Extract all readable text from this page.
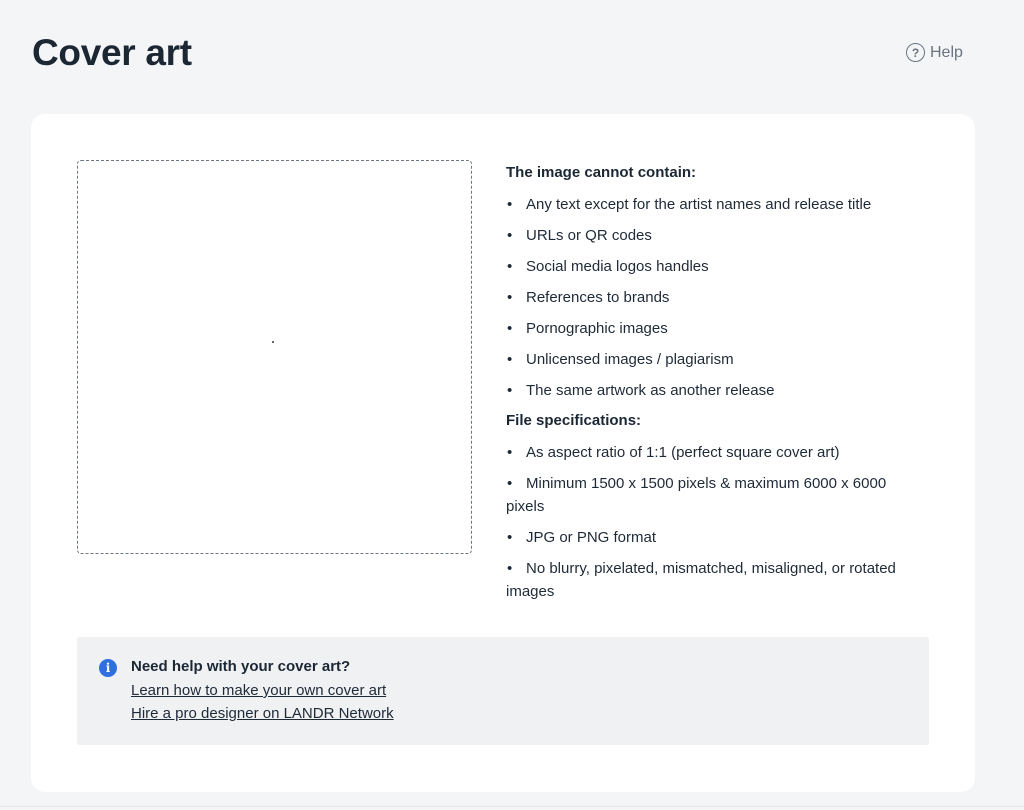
Cover art	? Help
The image cannot contain:
• Any text except for the artist names and release title
• URLs or QR codes
• Social media logos handles
• References to brands
• Pornographic images
• Unlicensed images / plagiarism
• The same artwork as another release
File specifications:
• As aspect ratio of 1:1 (perfect square cover art)
• Minimum 1500 x 1500 pixels & maximum 6000 x 6000 pixels
• JPG or PNG format
• No blurry, pixelated, mismatched, misaligned, or rotated images
i	Need help with your cover art?
Learn how to make your own cover art
Hire a pro designer on LANDR Network
